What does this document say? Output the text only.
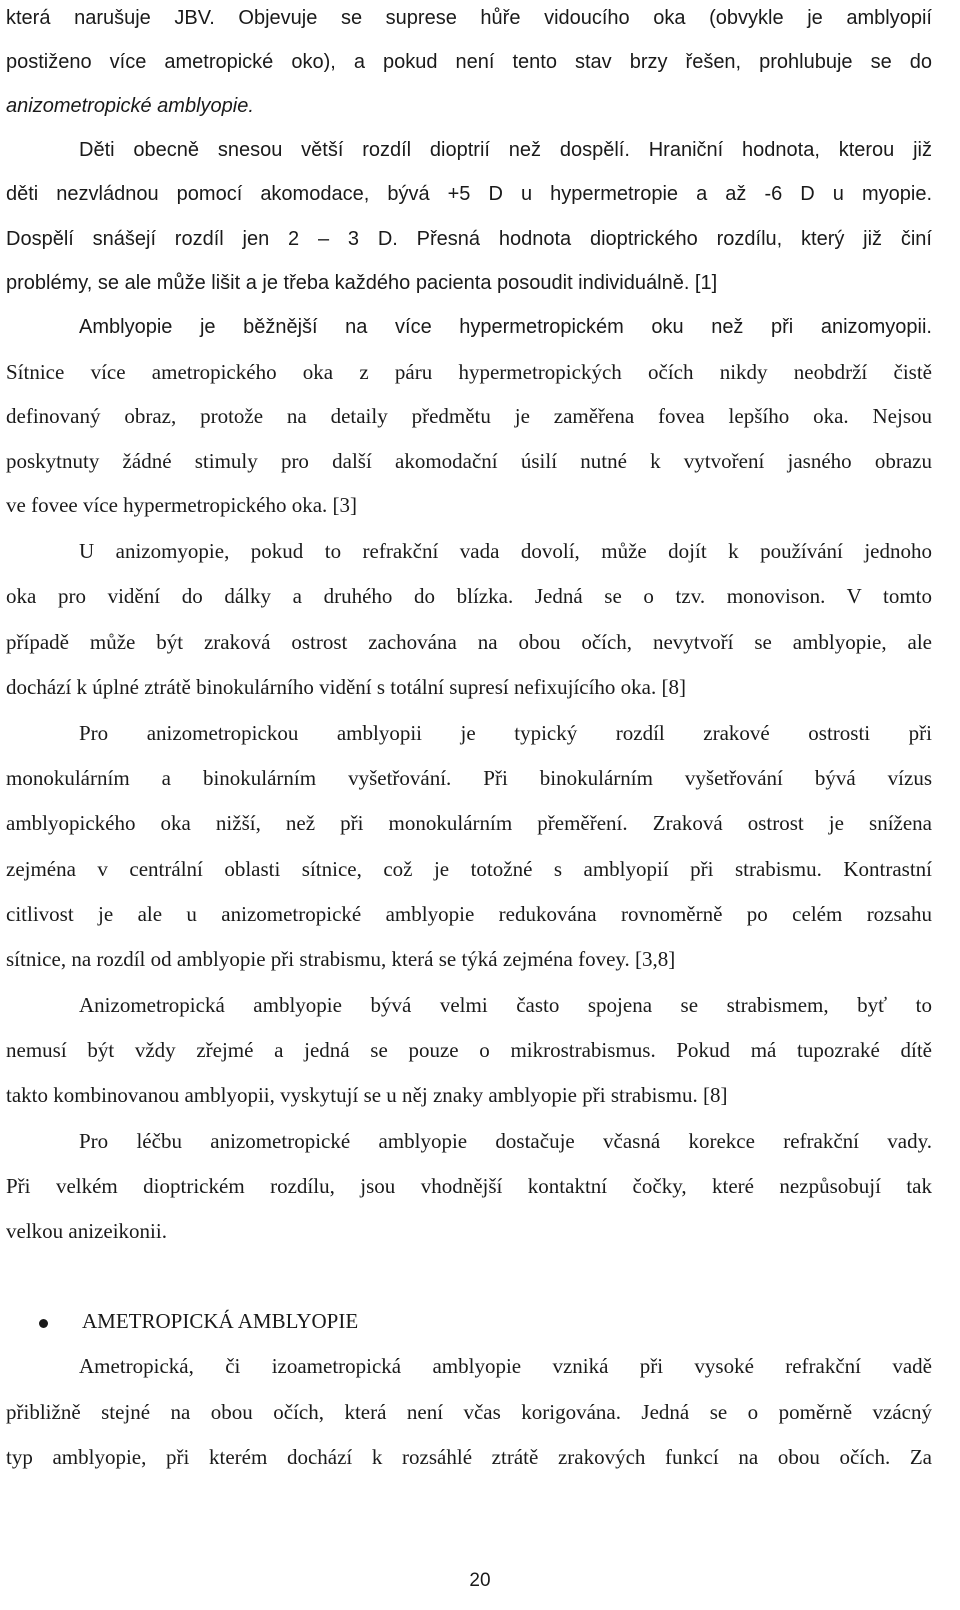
která narušuje JBV. Objevuje se suprese hůře vidoucího oka (obvykle je amblyopií
postiženo více ametropické oko), a pokud není tento stav brzy řešen, prohlubuje se do
anizometropické amblyopie.
Děti obecně snesou větší rozdíl dioptrií než dospělí. Hraniční hodnota, kterou již
děti nezvládnou pomocí akomodace, bývá +5 D u hypermetropie a až -6 D u myopie.
Dospělí snášejí rozdíl jen 2 – 3 D. Přesná hodnota dioptrického rozdílu, který již činí
problémy, se ale může lišit a je třeba každého pacienta posoudit individuálně. [1]
Amblyopie je běžnější na více hypermetropickém oku než při anizomyopii.
Sítnice více ametropického oka z páru hypermetropických očích nikdy neobdrží čistě
definovaný obraz, protože na detaily předmětu je zaměřena fovea lepšího oka. Nejsou
poskytnuty žádné stimuly pro další akomodační úsilí nutné k vytvoření jasného obrazu
ve fovee více hypermetropického oka. [3]
U anizomyopie, pokud to refrakční vada dovolí, může dojít k používání jednoho
oka pro vidění do dálky a druhého do blízka. Jedná se o tzv. monovison. V tomto
případě může být zraková ostrost zachována na obou očích, nevytvoří se amblyopie, ale
dochází k úplné ztrátě binokulárního vidění s totální supresí nefixujícího oka. [8]
Pro anizometropickou amblyopii je typický rozdíl zrakové ostrosti při
monokulárním a binokulárním vyšetřování. Při binokulárním vyšetřování bývá vízus
amblyopického oka nižší, než při monokulárním přeměření. Zraková ostrost je snížena
zejména v centrální oblasti sítnice, což je totožné s amblyopií při strabismu. Kontrastní
citlivost je ale u anizometropické amblyopie redukována rovnoměrně po celém rozsahu
sítnice, na rozdíl od amblyopie při strabismu, která se týká zejména fovey. [3,8]
Anizometropická amblyopie bývá velmi často spojena se strabismem, byť to
nemusí být vždy zřejmé a jedná se pouze o mikrostrabismus. Pokud má tupozraké dítě
takto kombinovanou amblyopii, vyskytují se u něj znaky amblyopie při strabismu. [8]
Pro léčbu anizometropické amblyopie dostačuje včasná korekce refrakční vady.
Při velkém dioptrickém rozdílu, jsou vhodnější kontaktní čočky, které nezpůsobují tak
velkou anizeikonii.
AMETROPICKÁ AMBLYOPIE
Ametropická, či izoametropická amblyopie vzniká při vysoké refrakční vadě
přibližně stejné na obou očích, která není včas korigována. Jedná se o poměrně vzácný
typ amblyopie, při kterém dochází k rozsáhlé ztrátě zrakových funkcí na obou očích. Za
20
